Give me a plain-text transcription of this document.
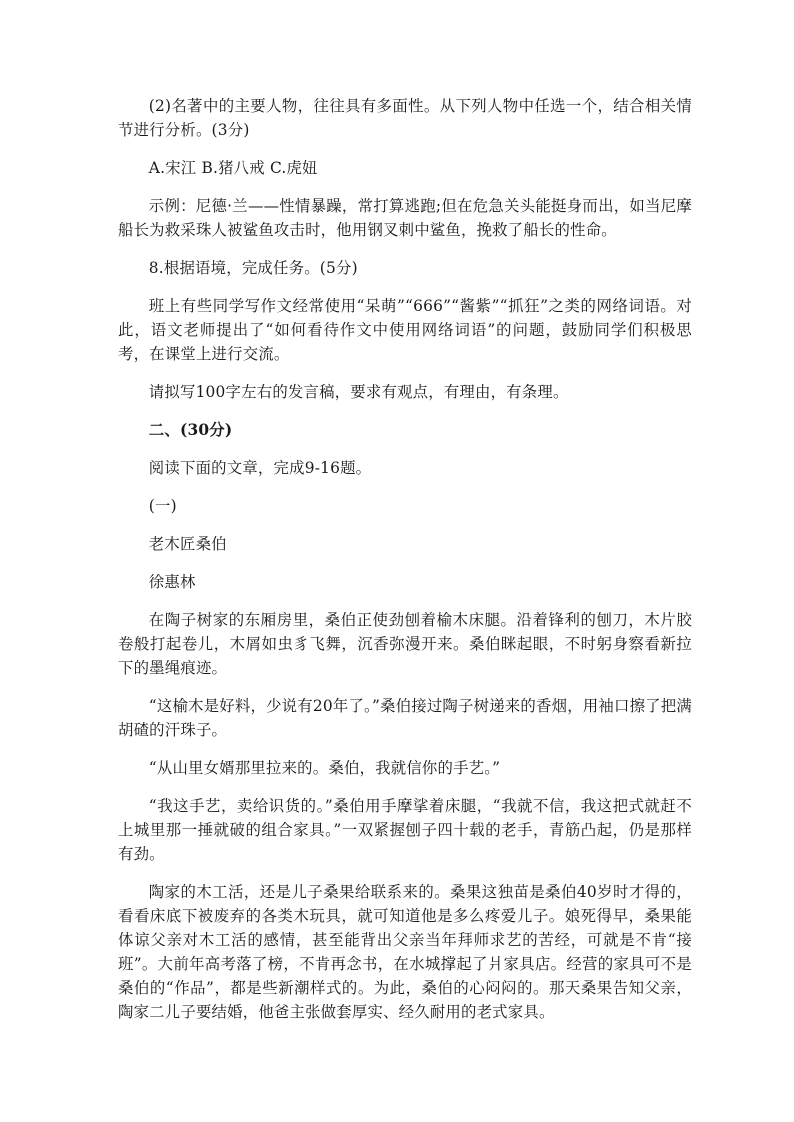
(2)名著中的主要人物，往往具有多面性。从下列人物中任选一个，结合相关情节进行分析。(3分)

A.宋江 B.猪八戒 C.虎妞

示例：尼德·兰——性情暴躁，常打算逃跑;但在危急关头能挺身而出，如当尼摩船长为救采珠人被鲨鱼攻击时，他用钢叉刺中鲨鱼，挽救了船长的性命。

8.根据语境，完成任务。(5分)

班上有些同学写作文经常使用“呆萌”“666”“酱紫”“抓狂”之类的网络词语。对此，语文老师提出了“如何看待作文中使用网络词语”的问题，鼓励同学们积极思考，在课堂上进行交流。

请拟写100字左右的发言稿，要求有观点，有理由，有条理。

二、(30分)

阅读下面的文章，完成9-16题。

(一)

老木匠桑伯

徐惠林

在陶子树家的东厢房里，桑伯正使劲刨着榆木床腿。沿着锋利的刨刀，木片胶卷般打起卷儿，木屑如虫豸飞舞，沉香弥漫开来。桑伯眯起眼，不时躬身察看新拉下的墨绳痕迹。

“这榆木是好料，少说有20年了。”桑伯接过陶子树递来的香烟，用袖口擦了把满胡碴的汗珠子。

“从山里女婿那里拉来的。桑伯，我就信你的手艺。”

“我这手艺，卖给识货的。”桑伯用手摩挲着床腿，“我就不信，我这把式就赶不上城里那一捶就破的组合家具。”一双紧握刨子四十载的老手，青筋凸起，仍是那样有劲。

陶家的木工活，还是儿子桑果给联系来的。桑果这独苗是桑伯40岁时才得的，看看床底下被废弃的各类木玩具，就可知道他是多么疼爱儿子。娘死得早，桑果能体谅父亲对木工活的感情，甚至能背出父亲当年拜师求艺的苦经，可就是不肯“接班”。大前年高考落了榜，不肯再念书，在水城撑起了爿家具店。经营的家具可不是桑伯的“作品”，都是些新潮样式的。为此，桑伯的心闷闷的。那天桑果告知父亲，陶家二儿子要结婚，他爸主张做套厚实、经久耐用的老式家具。
